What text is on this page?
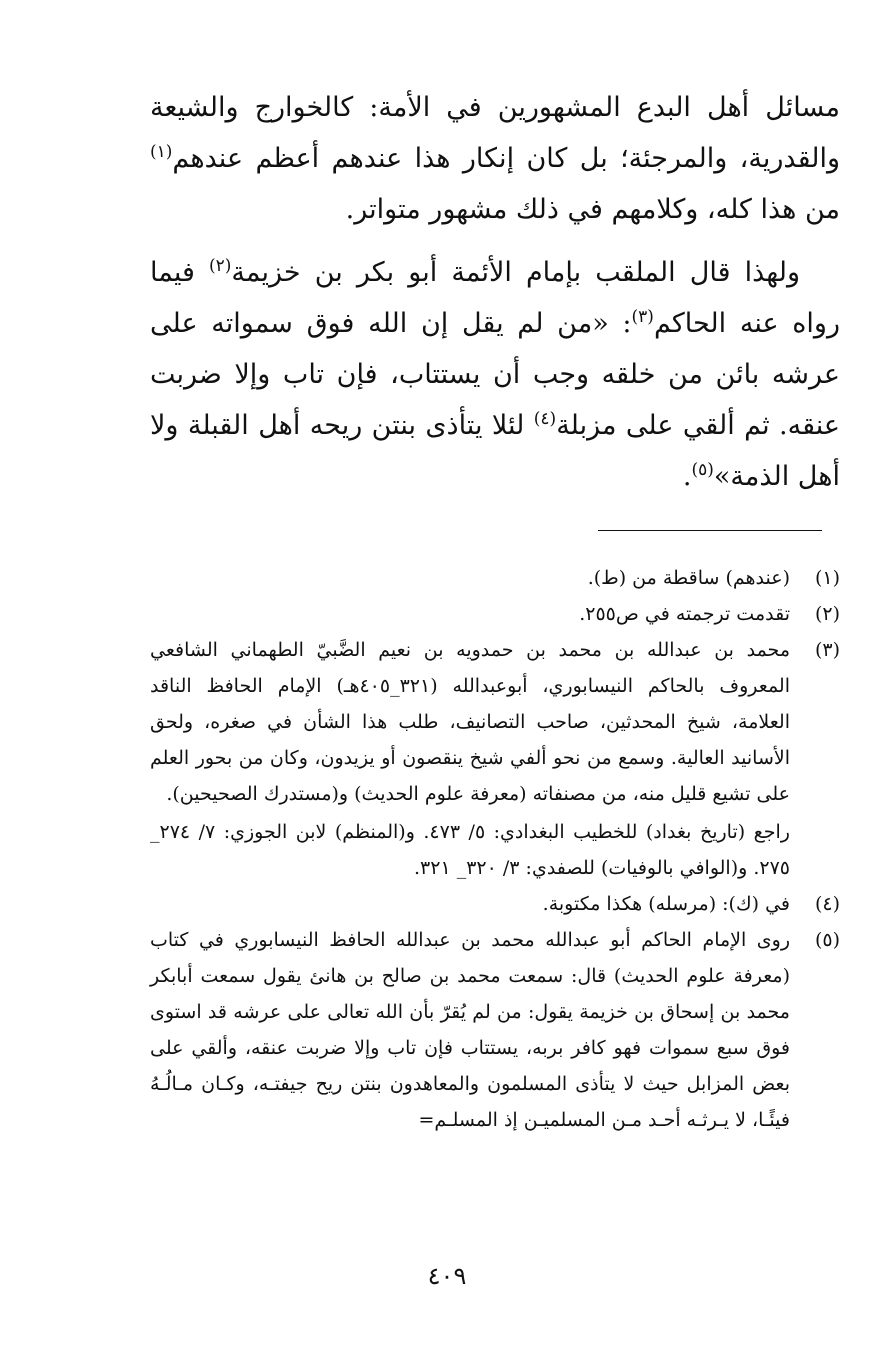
مسائل أهل البدع المشهورين في الأمة: كالخوارج والشيعة والقدرية، والمرجئة؛ بل كان إنكار هذا عندهم أعظم عندهم$^{(١)}$ من هذا كله، وكلامهم في ذلك مشهور متواتر.

ولهذا قال الملقب بإمام الأئمة أبو بكر بن خزيمة$^{(٢)}$ فيما رواه عنه الحاكم$^{(٣)}$: «من لم يقل إن الله فوق سمواته على عرشه بائن من خلقه وجب أن يستتاب، فإن تاب وإلا ضربت عنقه. ثم ألقي على مزبلة$^{(٤)}$ لئلا يتأذى بنتن ريحه أهل القبلة ولا أهل الذمة»$^{(٥)}$.

(١)

(عندهم) ساقطة من (ط).

(٢)

تقدمت ترجمته في ص٢٥٥.

(٣)

محمد بن عبدالله بن محمد بن حمدويه بن نعيم الضَّبيّ الطهماني الشافعي المعروف بالحاكم النيسابوري، أبوعبدالله (٣٢١_٤٠٥هـ) الإمام الحافظ الناقد العلامة، شيخ المحدثين، صاحب التصانيف، طلب هذا الشأن في صغره، ولحق الأسانيد العالية. وسمع من نحو ألفي شيخ ينقصون أو يزيدون، وكان من بحور العلم على تشيع قليل منه، من مصنفاته (معرفة علوم الحديث) و(مستدرك الصحيحين).

راجع (تاريخ بغداد) للخطيب البغدادي: ٥/ ٤٧٣. و(المنظم) لابن الجوزي: ٧/ ٢٧٤_ ٢٧٥. و(الوافي بالوفيات) للصفدي: ٣/ ٣٢٠_ ٣٢١.

(٤)

في (ك): (مرسله) هكذا مكتوبة.

(٥)

روى الإمام الحاكم أبو عبدالله محمد بن عبدالله الحافظ النيسابوري في كتاب (معرفة علوم الحديث) قال: سمعت محمد بن صالح بن هانئ يقول سمعت أبابكر محمد بن إسحاق بن خزيمة يقول: من لم يُقرّ بأن الله تعالى على عرشه قد استوى فوق سبع سموات فهو كافر بربه، يستتاب فإن تاب وإلا ضربت عنقه، وألقي على بعض المزابل حيث لا يتأذى المسلمون والمعاهدون بنتن ريح جيفتـه، وكـان مـالُـهُ فيئًـا، لا يـرثـه أحـد مـن المسلميـن إذ المسلـم=

٤٠٩
